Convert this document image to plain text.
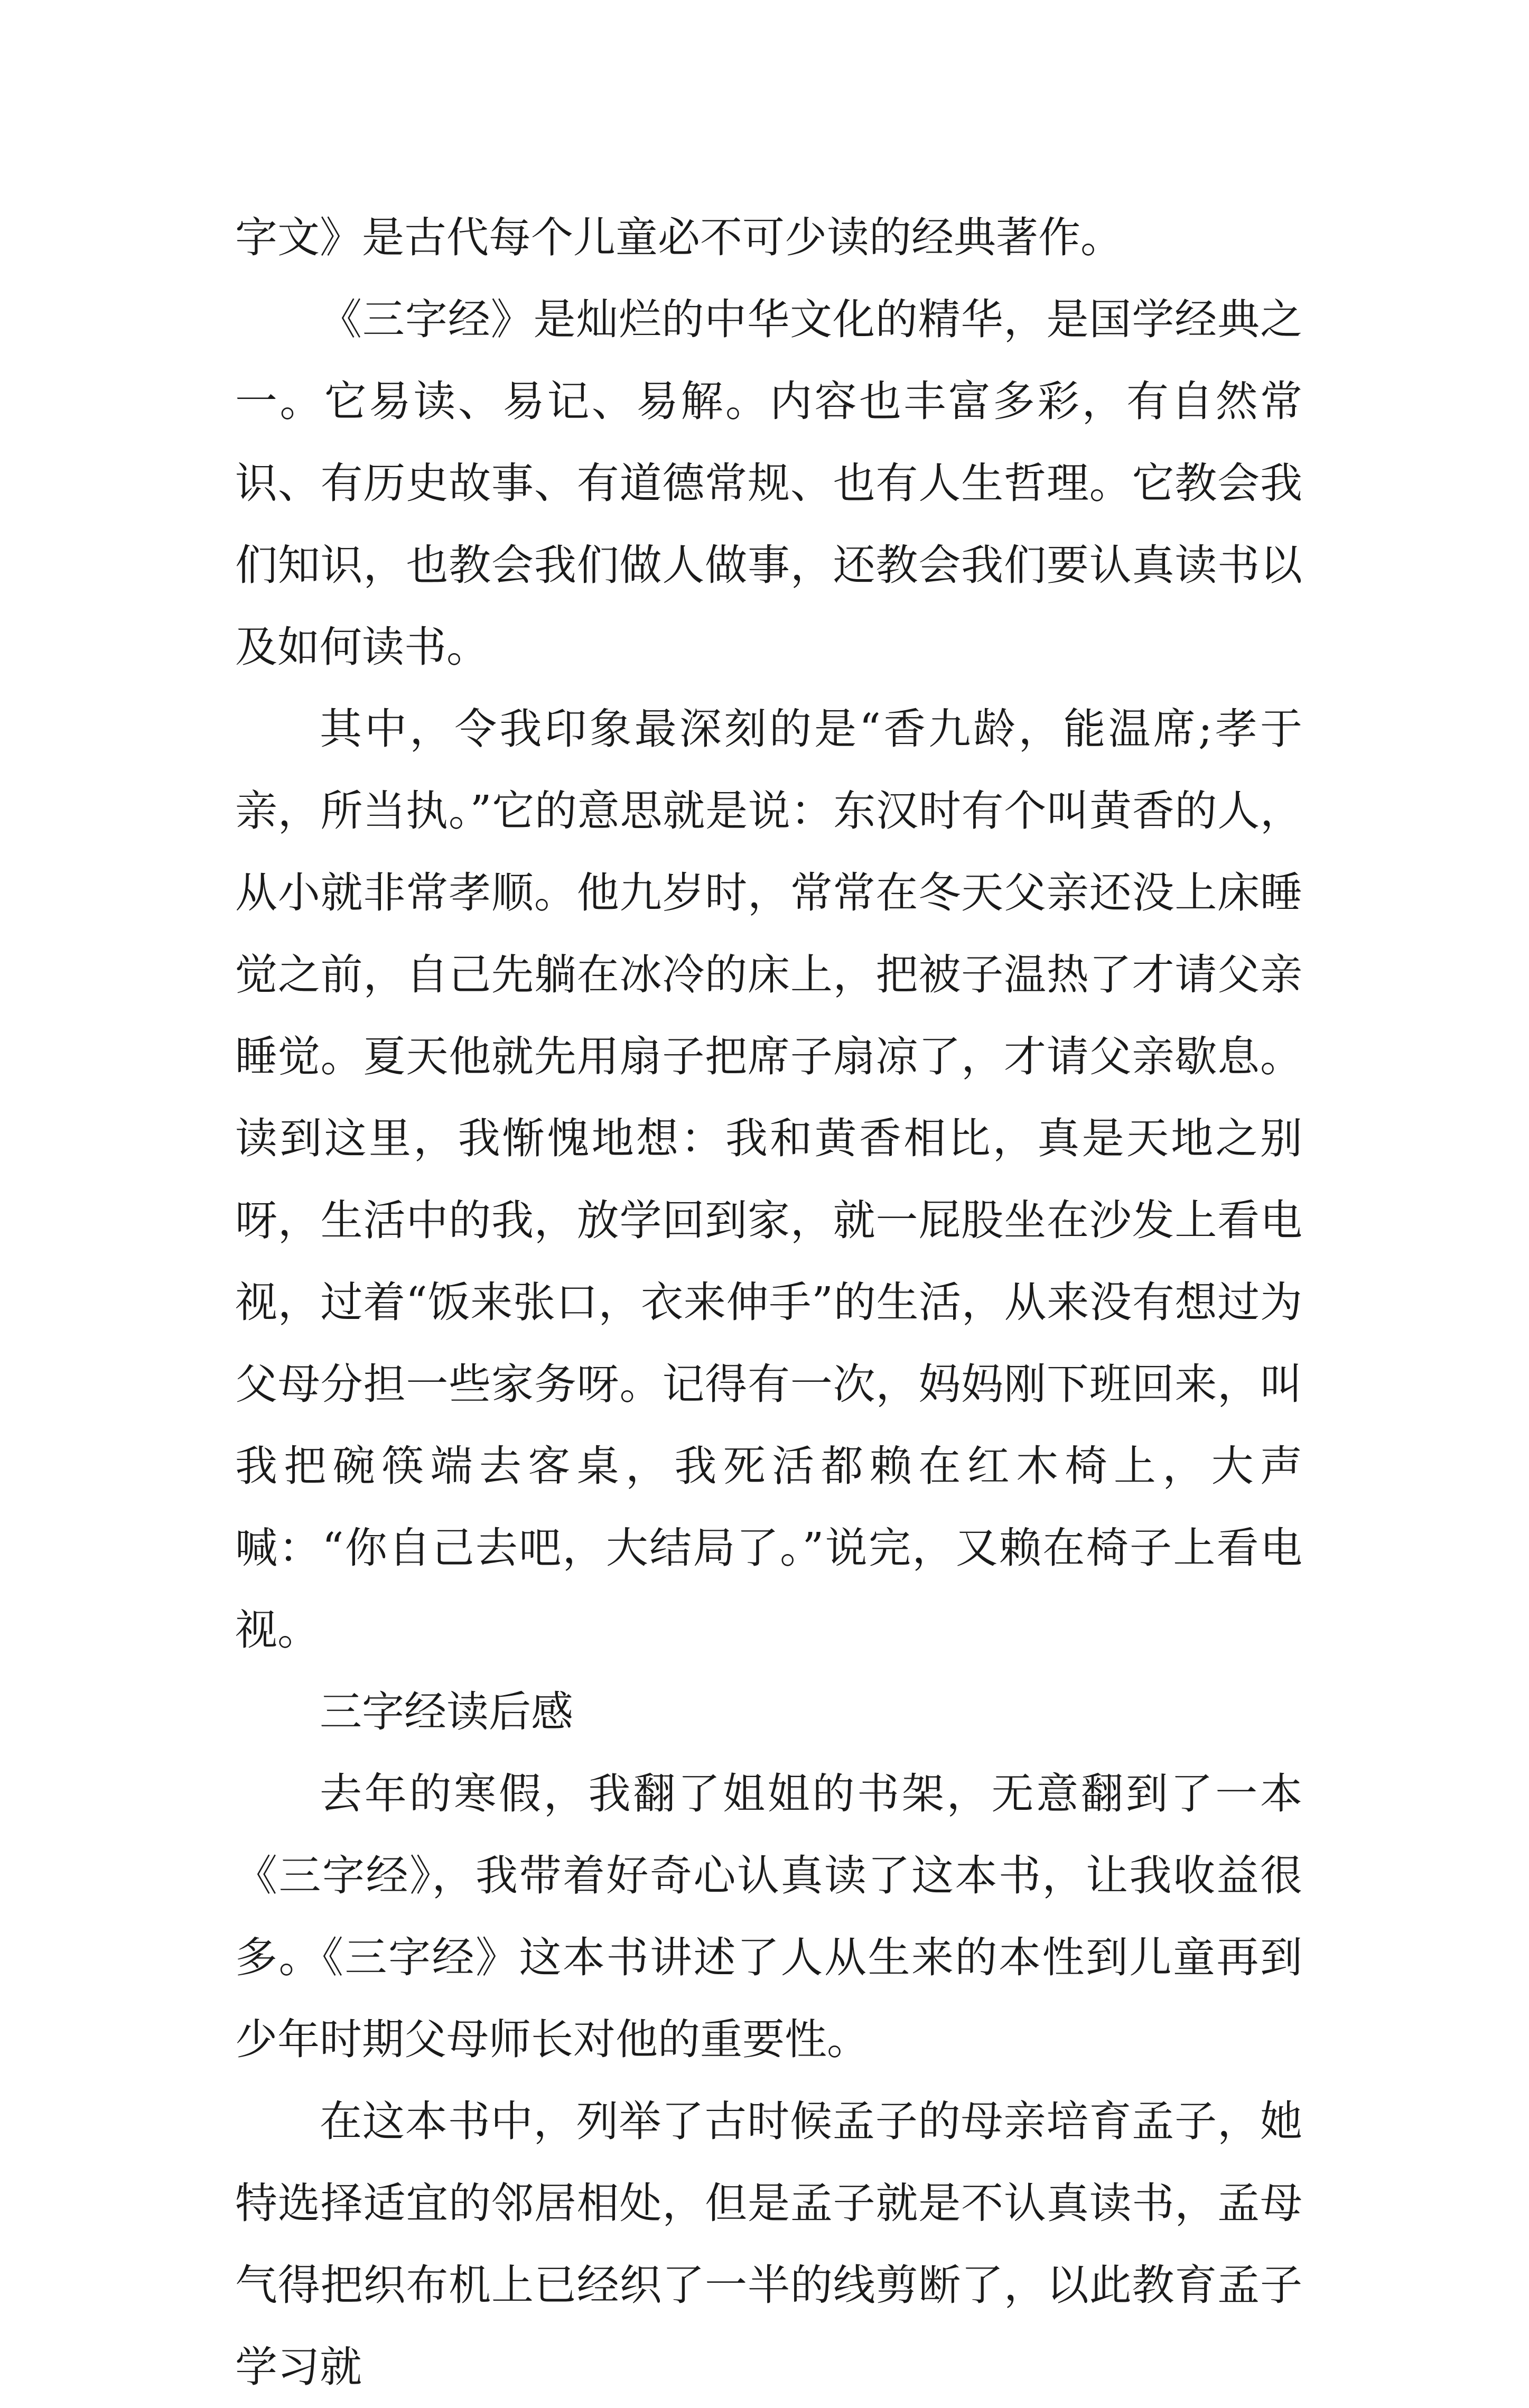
字文》是古代每个儿童必不可少读的经典著作。

《三字经》是灿烂的中华文化的精华，是国学经典之一。它易读、易记、易解。内容也丰富多彩，有自然常识、有历史故事、有道德常规、也有人生哲理。它教会我们知识，也教会我们做人做事，还教会我们要认真读书以及如何读书。

其中，令我印象最深刻的是“香九龄，能温席;孝于亲，所当执。”它的意思就是说：东汉时有个叫黄香的人，从小就非常孝顺。他九岁时，常常在冬天父亲还没上床睡觉之前，自己先躺在冰冷的床上，把被子温热了才请父亲睡觉。夏天他就先用扇子把席子扇凉了，才请父亲歇息。读到这里，我惭愧地想：我和黄香相比，真是天地之别呀，生活中的我，放学回到家，就一屁股坐在沙发上看电视，过着“饭来张口，衣来伸手”的生活，从来没有想过为父母分担一些家务呀。记得有一次，妈妈刚下班回来，叫我把碗筷端去客桌，我死活都赖在红木椅上，大声喊：“你自己去吧，大结局了。”说完，又赖在椅子上看电视。

三字经读后感

去年的寒假，我翻了姐姐的书架，无意翻到了一本《三字经》，我带着好奇心认真读了这本书，让我收益很多。《三字经》这本书讲述了人从生来的本性到儿童再到少年时期父母师长对他的重要性。

在这本书中，列举了古时候孟子的母亲培育孟子，她特选择适宜的邻居相处，但是孟子就是不认真读书，孟母气得把织布机上已经织了一半的线剪断了，以此教育孟子学习就
